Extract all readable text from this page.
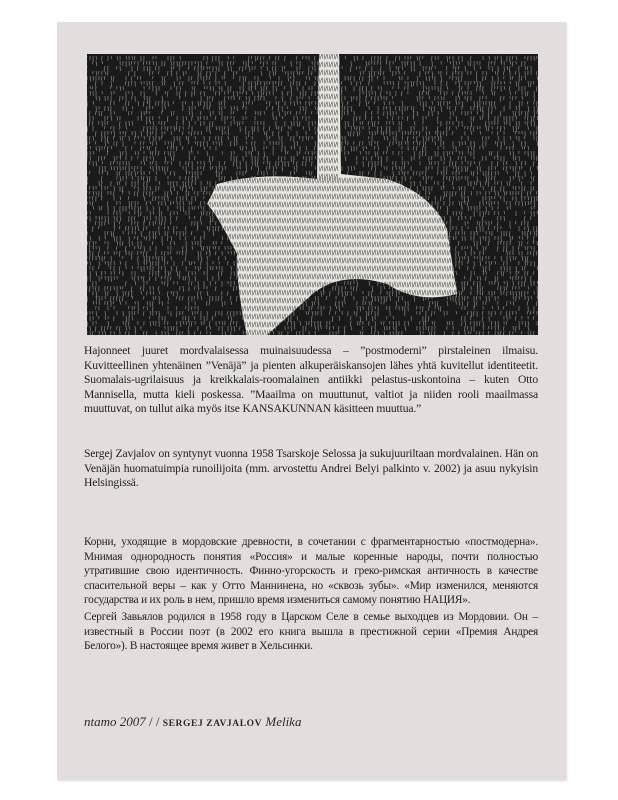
Hajonneet juuret mordvalaisessa muinaisuudessa – ”postmoderni” pirstaleinen ilmaisu. Kuvitteellinen yhtenäinen ”Venäjä” ja pienten alkuperäiskansojen lähes yhtä kuvitellut identiteetit. Suomalais-ugrilaisuus ja kreikkalais-roomalainen antiikki pelastus-uskontoina – kuten Otto Mannisella, mutta kieli poskessa. ”Maailma on muuttunut, valtiot ja niiden rooli maailmassa muuttuvat, on tullut aika myös itse KANSAKUNNAN käsitteen muuttua.”

Sergej Zavjalov on syntynyt vuonna 1958 Tsarskoje Selossa ja sukujuuriltaan mordvalainen. Hän on Venäjän huomatuimpia runoilijoita (mm. arvostettu Andrei Belyi palkinto v. 2002) ja asuu nykyisin Helsingissä.

Корни, уходящие в мордовские древности, в сочетании с фрагментарностью «постмодерна». Мнимая однородность понятия «Россия» и малые коренные народы, почти полностью утратившие свою идентичность. Финно-угорскость и греко-римская античность в качестве спасительной веры – как у Отто Маннинена, но «сквозь зубы». «Мир изменился, меняются государства и их роль в нем, пришло время измениться самому понятию НАЦИЯ».

Сергей Завьялов родился в 1958 году в Царском Селе в семье выходцев из Мордовии. Он – известный в России поэт (в 2002 его книга вышла в престижной серии «Премия Андрея Белого»). В настоящее время живет в Хельсинки.

ntamo 2007 / / SERGEJ ZAVJALOV Melika
